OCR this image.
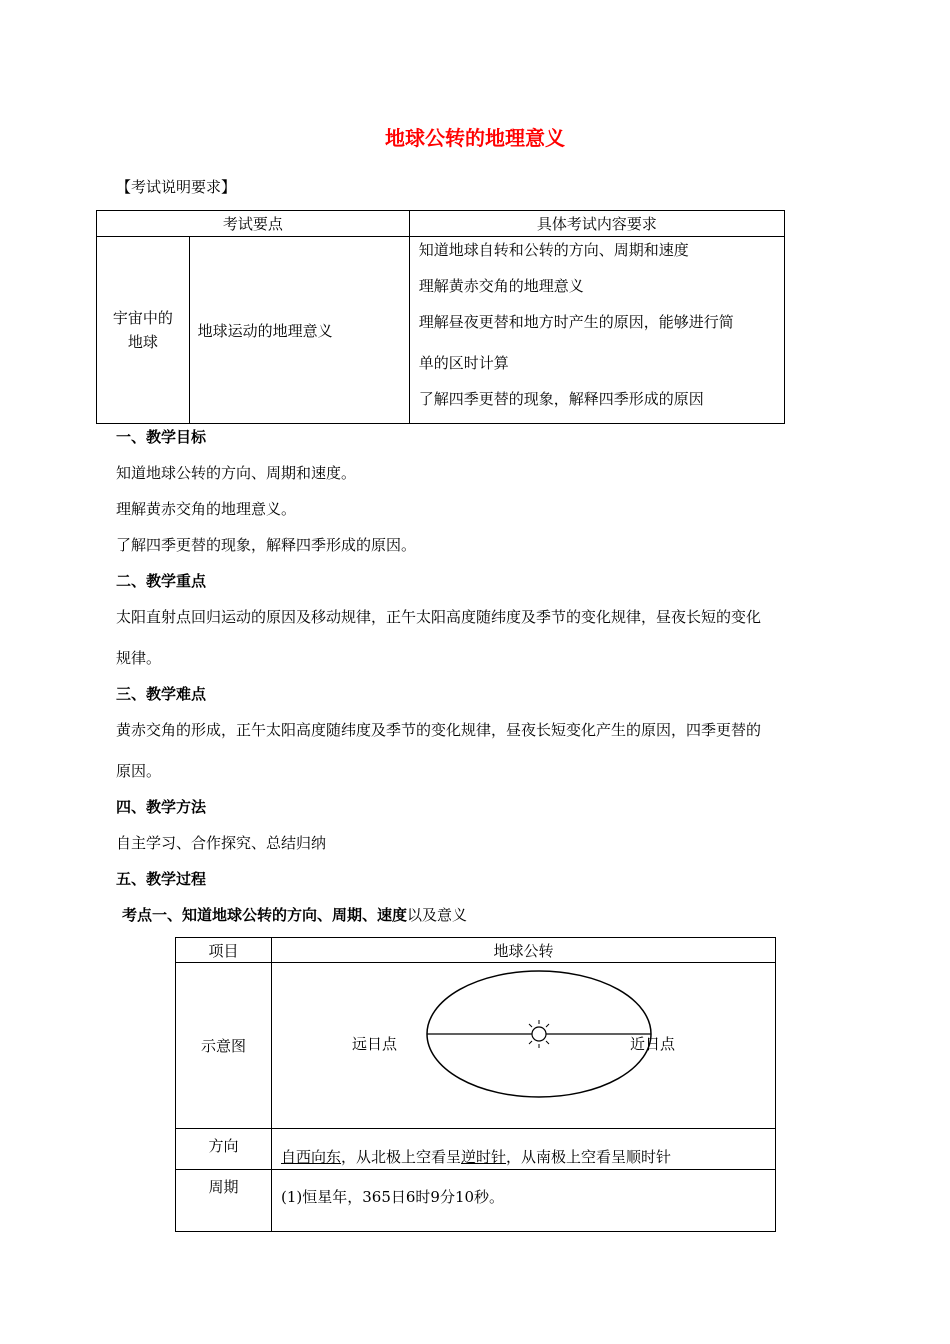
地球公转的地理意义
【考试说明要求】
考试要点		具体考试内容要求

宇宙中的地球	地球运动的地理意义	知道地球自转和公转的方向、周期和速度
理解黄赤交角的地理意义
理解昼夜更替和地方时产生的原因，能够进行简
单的区时计算
了解四季更替的现象，解释四季形成的原因
一、教学目标
知道地球公转的方向、周期和速度。
理解黄赤交角的地理意义。
了解四季更替的现象，解释四季形成的原因。
二、教学重点
太阳直射点回归运动的原因及移动规律，正午太阳高度随纬度及季节的变化规律，昼夜长短的变化
规律。
三、教学难点
黄赤交角的形成，正午太阳高度随纬度及季节的变化规律，昼夜长短变化产生的原因，四季更替的
原因。
四、教学方法
自主学习、合作探究、总结归纳
五、教学过程
考点一、知道地球公转的方向、周期、速度以及意义
项目	地球公转
示意图	远日点 近日点

方向	自西向东，从北极上空看呈逆时针，从南极上空看呈顺时针
周期	(1)恒星年，365日6时9分10秒。
